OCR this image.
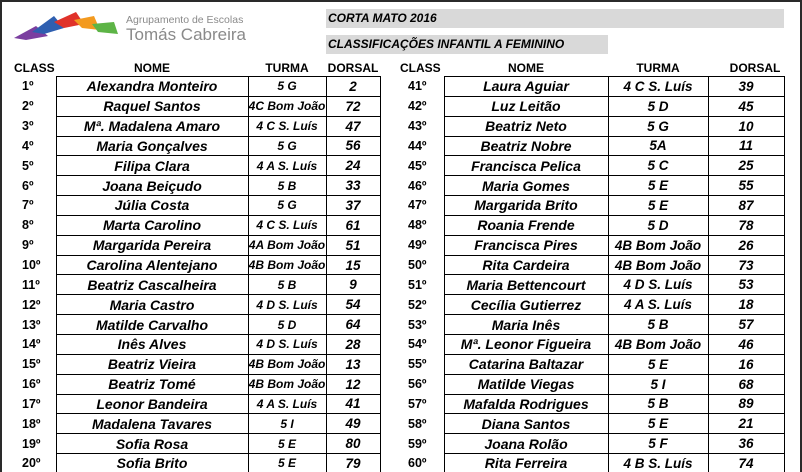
Agrupamento de Escolas
Tomás Cabreira
CORTA MATO 2016
CLASSIFICAÇÕES INFANTIL A FEMININO
CLASS	NOME	TURMA	DORSAL CLASS	NOME	TURMA	DORSAL
1º	Alexandra Monteiro	5 G	2
2º	Raquel Santos	4C Bom João	72
3º	Mª. Madalena Amaro	4 C S. Luís	47
4º	Maria Gonçalves	5 G	56
5º	Filipa Clara	4 A S. Luís	24
6º	Joana Beiçudo	5 B	33
7º	Júlia Costa	5 G	37
8º	Marta Carolino	4 C S. Luís	61
9º	Margarida Pereira	4A Bom João	51
10º	Carolina Alentejano	4B Bom João	15
11º	Beatriz Cascalheira	5 B	9
12º	Maria Castro	4 D S. Luís	54
13º	Matilde Carvalho	5 D	64
14º	Inês Alves	4 D S. Luís	28
15º	Beatriz Vieira	4B Bom João	13
16º	Beatriz Tomé	4B Bom João	12
17º	Leonor Bandeira	4 A S. Luís	41
18º	Madalena Tavares	5 I	49
19º	Sofia Rosa	5 E	80
20º	Sofia Brito	5 E	79
41º	Laura Aguiar	4 C S. Luís	39
42º	Luz Leitão	5 D	45
43º	Beatriz Neto	5 G	10
44º	Beatriz Nobre	5A	11
45º	Francisca Pelica	5 C	25
46º	Maria Gomes	5 E	55
47º	Margarida Brito	5 E	87
48º	Roania Frende	5 D	78
49º	Francisca Pires	4B Bom João	26
50º	Rita Cardeira	4B Bom João	73
51º	Maria Bettencourt	4 D S. Luís	53
52º	Cecília Gutierrez	4 A S. Luís	18
53º	Maria Inês	5 B	57
54º	Mª. Leonor Figueira	4B Bom João	46
55º	Catarina Baltazar	5 E	16
56º	Matilde Viegas	5 I	68
57º	Mafalda Rodrigues	5 B	89
58º	Diana Santos	5 E	21
59º	Joana Rolão	5 F	36
60º	Rita Ferreira	4 B S. Luís	74
